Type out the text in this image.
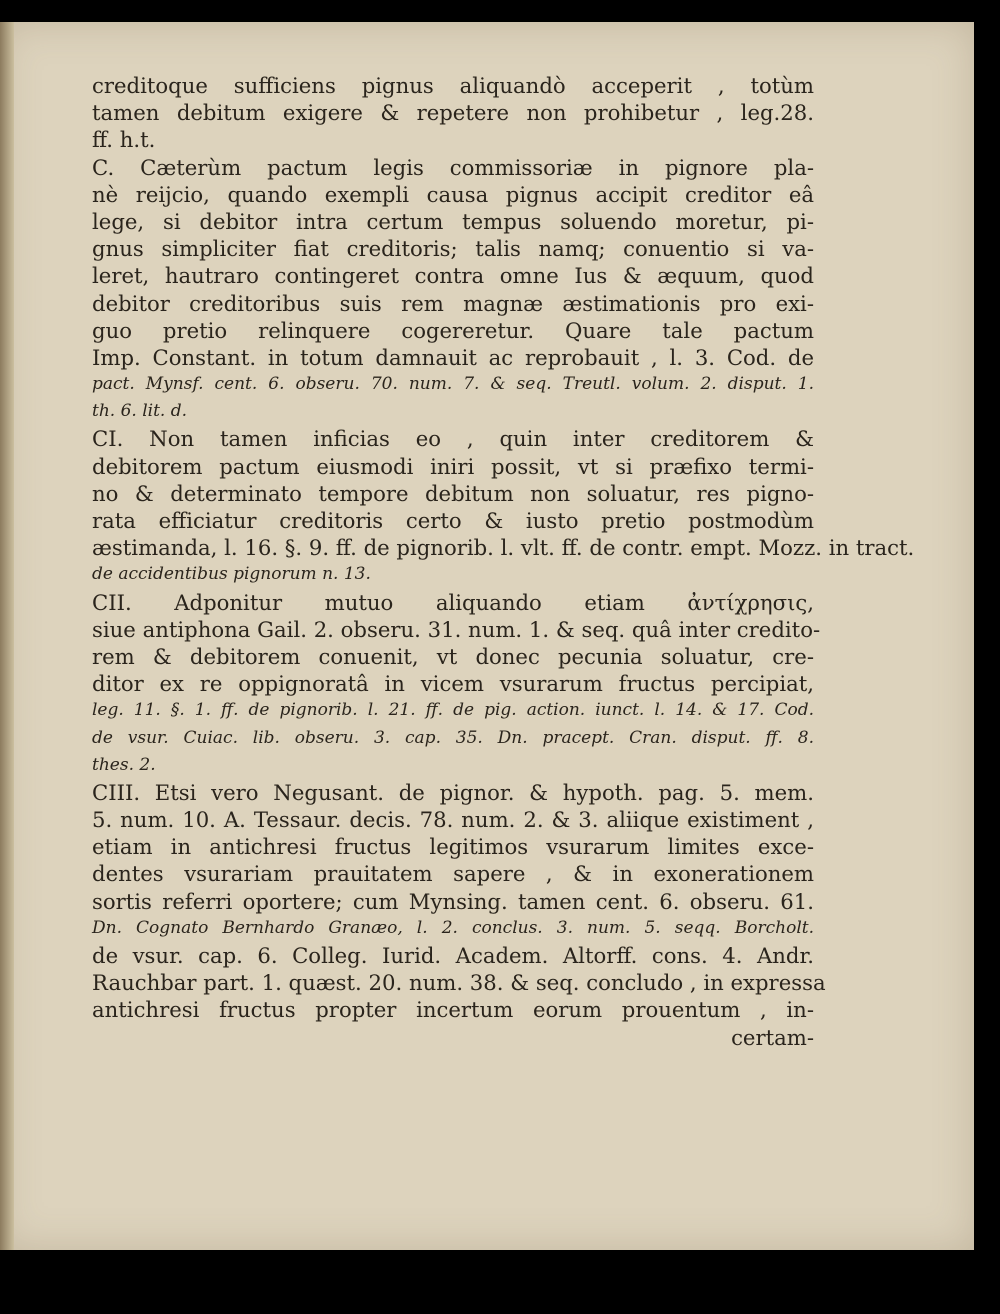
creditoque sufficiens pignus aliquandò acceperit , totùm
tamen debitum exigere & repetere non prohibetur , leg.28.
ff. h.t.
C. Cæterùm pactum legis commissoriæ in pignore pla-
nè reijcio, quando exempli causa pignus accipit creditor eâ
lege, si debitor intra certum tempus soluendo moretur, pi-
gnus simpliciter fiat creditoris; talis namq; conuentio si va-
leret, hautraro contingeret contra omne Ius & æquum, quod
debitor creditoribus suis rem magnæ æstimationis pro exi-
guo pretio relinquere cogereretur. Quare tale pactum
Imp. Constant. in totum damnauit ac reprobauit , l. 3. Cod. de
pact. Mynsf. cent. 6. obseru. 70. num. 7. & seq. Treutl. volum. 2. disput. 1.
th. 6. lit. d.
CI. Non tamen inficias eo , quin inter creditorem &
debitorem pactum eiusmodi iniri possit, vt si præfixo termi-
no & determinato tempore debitum non soluatur, res pigno-
rata efficiatur creditoris certo & iusto pretio postmodùm
æstimanda, l. 16. §. 9. ff. de pignorib. l. vlt. ff. de contr. empt. Mozz. in tract.
de accidentibus pignorum n. 13.
CII. Adponitur mutuo aliquando etiam ἀντίχρησις,
siue antiphona Gail. 2. obseru. 31. num. 1. & seq. quâ inter credito-
rem & debitorem conuenit, vt donec pecunia soluatur, cre-
ditor ex re oppignoratâ in vicem vsurarum fructus percipiat,
leg. 11. §. 1. ff. de pignorib. l. 21. ff. de pig. action. iunct. l. 14. & 17. Cod.
de vsur. Cuiac. lib. obseru. 3. cap. 35. Dn. pracept. Cran. disput. ff. 8.
thes. 2.
CIII. Etsi vero Negusant. de pignor. & hypoth. pag. 5. mem.
5. num. 10. A. Tessaur. decis. 78. num. 2. & 3. aliique existiment ,
etiam in antichresi fructus legitimos vsurarum limites exce-
dentes vsurariam prauitatem sapere , & in exonerationem
sortis referri oportere; cum Mynsing. tamen cent. 6. obseru. 61.
Dn. Cognato Bernhardo Granæo, l. 2. conclus. 3. num. 5. seqq. Borcholt.
de vsur. cap. 6. Colleg. Iurid. Academ. Altorff. cons. 4. Andr.
Rauchbar part. 1. quæst. 20. num. 38. & seq. concludo , in expressa
antichresi fructus propter incertum eorum prouentum , in-
certam-
